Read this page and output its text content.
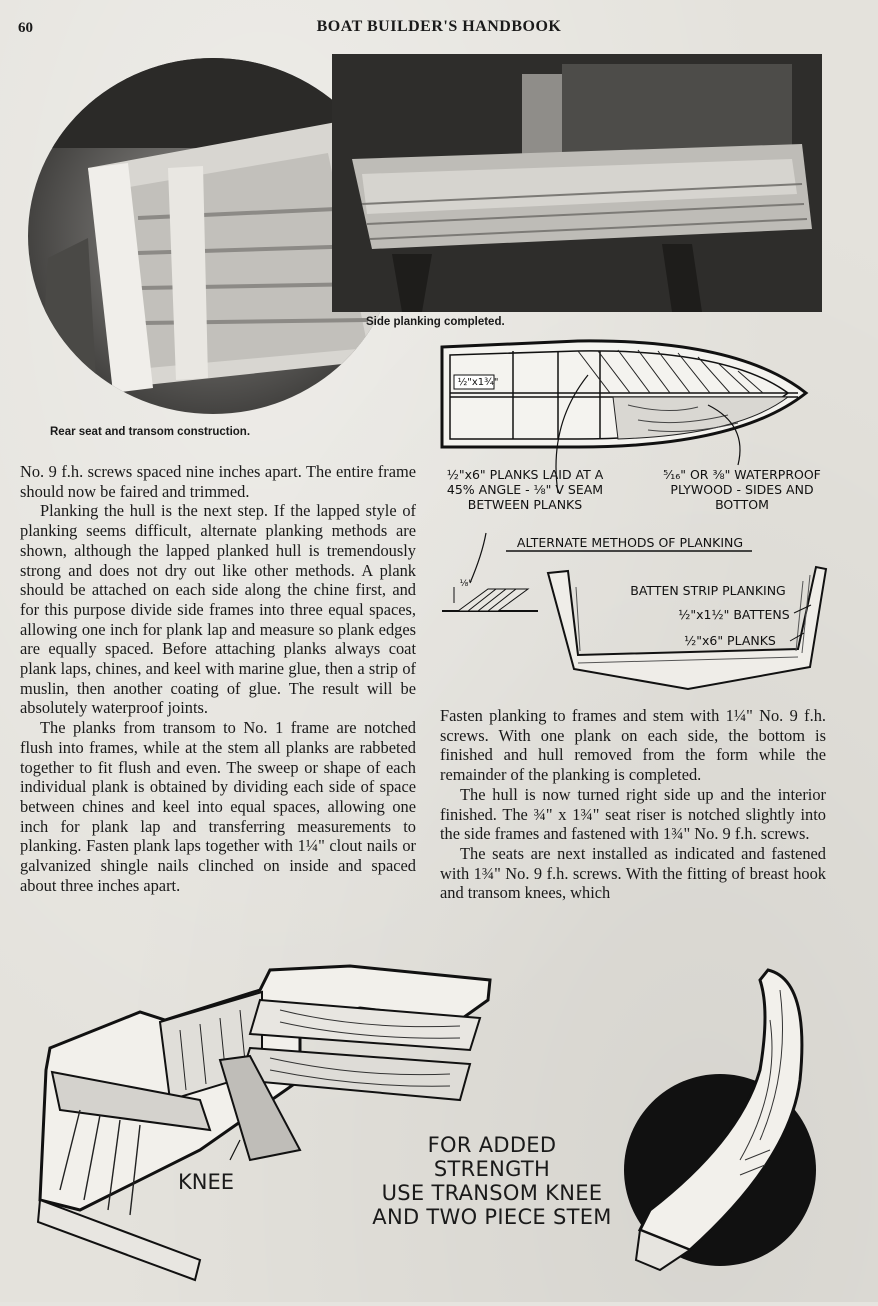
60	BOAT BUILDER'S HANDBOOK
Side planking completed.
Rear seat and transom construction.
½"x1¾"
½"x6" PLANKS LAID AT A
45% ANGLE - ⅛" V SEAM
BETWEEN PLANKS
⁵⁄₁₆" OR ⅜" WATERPROOF
PLYWOOD - SIDES AND
BOTTOM
ALTERNATE METHODS OF PLANKING
⅛"	BATTEN STRIP PLANKING
½"x1½" BATTENS
½"x6" PLANKS

No. 9 f.h. screws spaced nine inches apart. The entire frame should now be faired and trimmed.

Planking the hull is the next step. If the lapped style of planking seems difficult, alternate planking methods are shown, although the lapped planked hull is tremendously strong and does not dry out like other methods. A plank should be attached on each side along the chine first, and for this purpose divide side frames into three equal spaces, allowing one inch for plank lap and measure so plank edges are equally spaced. Before attaching planks always coat plank laps, chines, and keel with marine glue, then a strip of muslin, then another coating of glue. The result will be absolutely waterproof joints.

The planks from transom to No. 1 frame are notched flush into frames, while at the stem all planks are rabbeted together to fit flush and even. The sweep or shape of each individual plank is obtained by dividing each side of space between chines and keel into equal spaces, allowing one inch for plank lap and transferring measurements to planking. Fasten plank laps together with 1¼" clout nails or galvanized shingle nails clinched on inside and spaced about three inches apart.

Fasten planking to frames and stem with 1¼" No. 9 f.h. screws. With one plank on each side, the bottom is finished and hull removed from the form while the remainder of the planking is completed.

The hull is now turned right side up and the interior finished. The ¾" x 1¾" seat riser is notched slightly into the side frames and fastened with 1¾" No. 9 f.h. screws.

The seats are next installed as indicated and fastened with 1¾" No. 9 f.h. screws. With the fitting of breast hook and transom knees, which

FOR ADDED STRENGTH
USE TRANSOM KNEE
AND TWO PIECE STEM
KNEE
